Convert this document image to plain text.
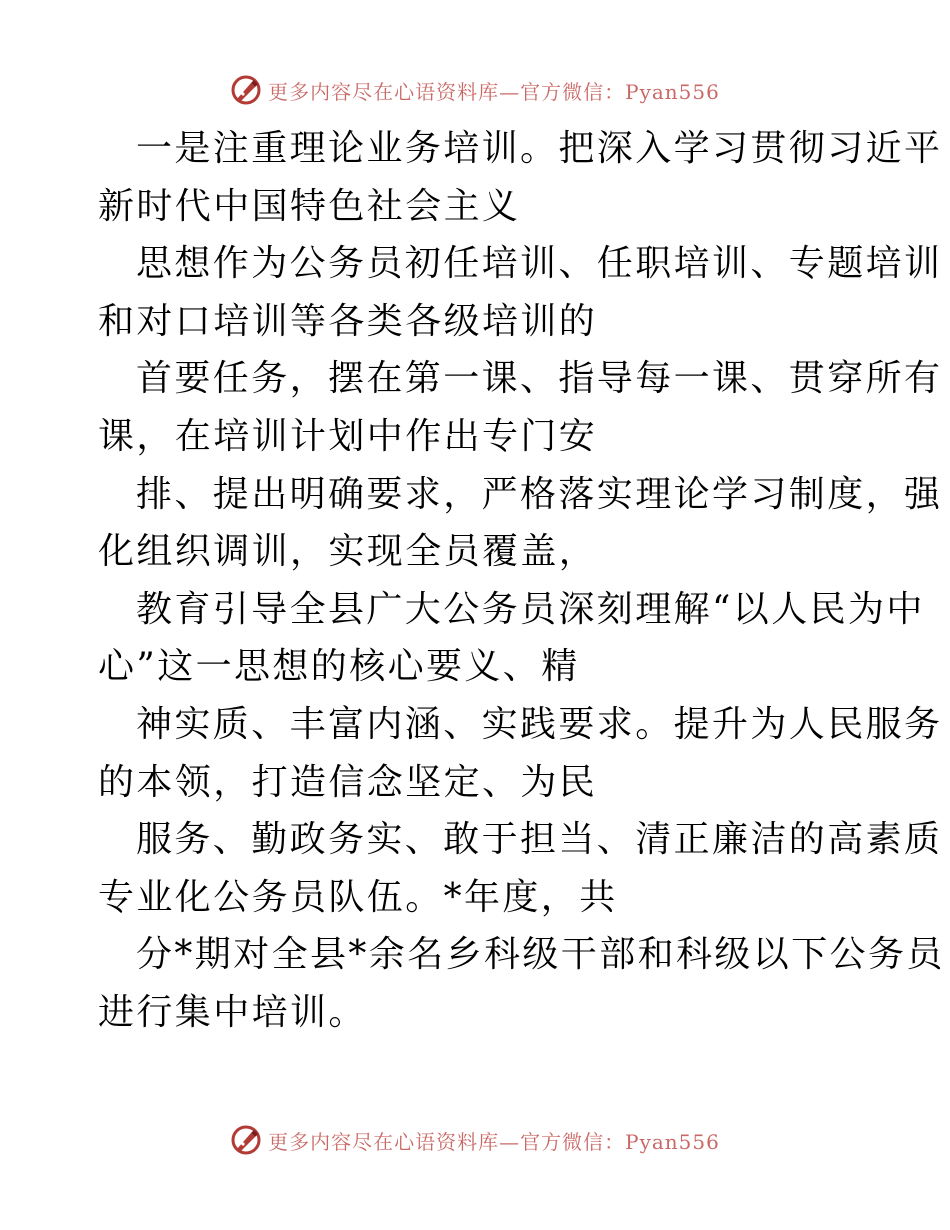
更多内容尽在心语资料库—官方微信：Pyan556
一是注重理论业务培训。把深入学习贯彻习近平
新时代中国特色社会主义
思想作为公务员初任培训、任职培训、专题培训
和对口培训等各类各级培训的
首要任务，摆在第一课、指导每一课、贯穿所有
课，在培训计划中作出专门安
排、提出明确要求，严格落实理论学习制度，强
化组织调训，实现全员覆盖，
教育引导全县广大公务员深刻理解“以人民为中
心”这一思想的核心要义、精
神实质、丰富内涵、实践要求。提升为人民服务
的本领，打造信念坚定、为民
服务、勤政务实、敢于担当、清正廉洁的高素质
专业化公务员队伍。*年度，共
分*期对全县*余名乡科级干部和科级以下公务员
进行集中培训。
更多内容尽在心语资料库—官方微信：Pyan556
